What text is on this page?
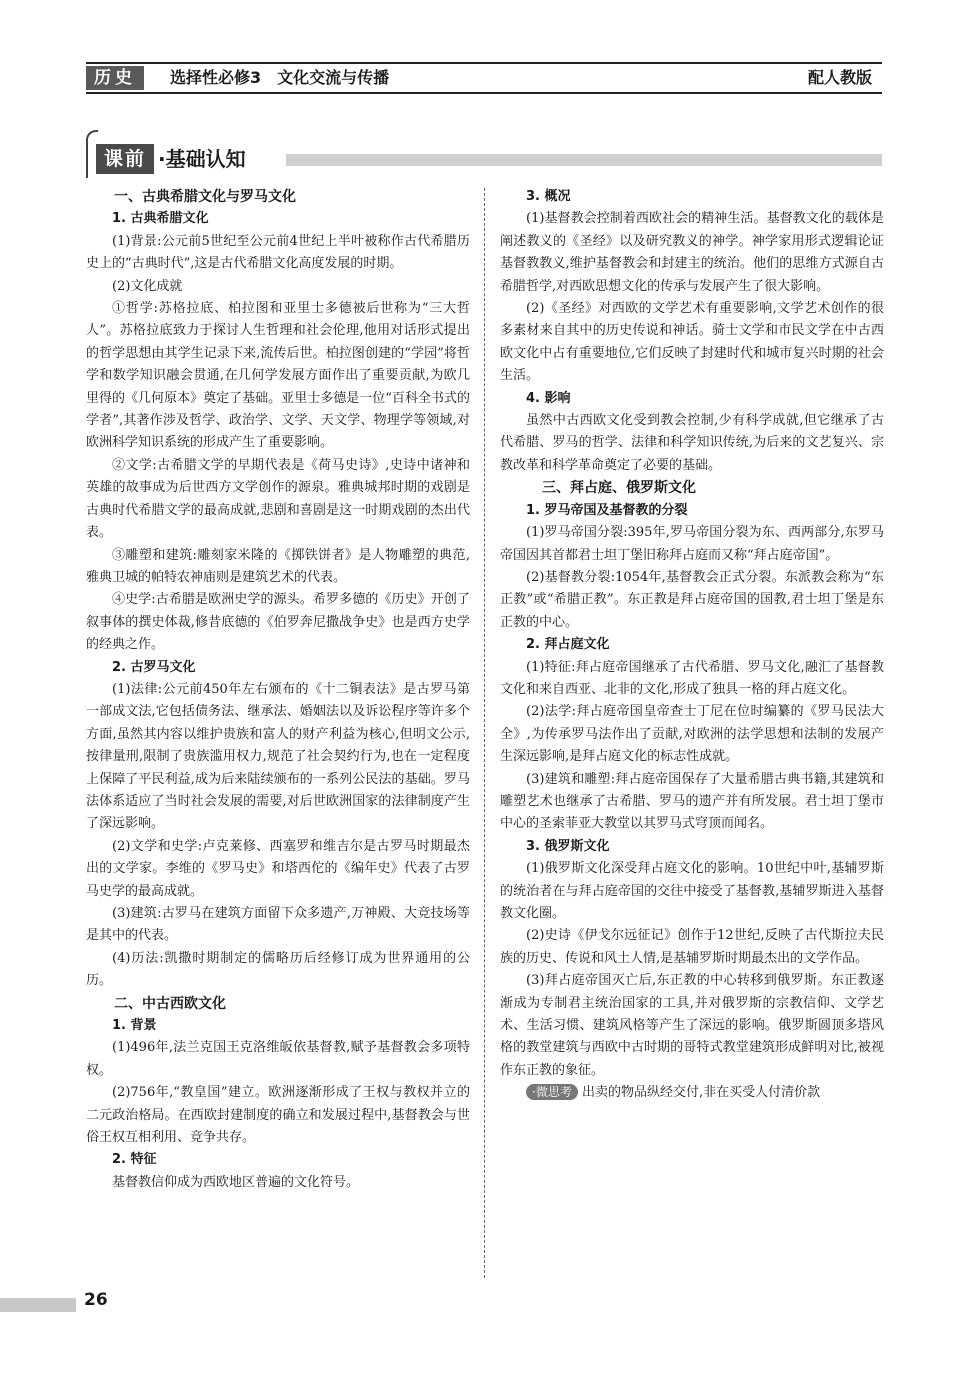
历史	选择性必修3　文化交流与传播	配人教版
课前 ·基础认知

一、古典希腊文化与罗马文化

1. 古典希腊文化

(1)背景:公元前5世纪至公元前4世纪上半叶被称作古代希腊历史上的“古典时代”,这是古代希腊文化高度发展的时期。

(2)文化成就

①哲学:苏格拉底、柏拉图和亚里士多德被后世称为“三大哲人”。苏格拉底致力于探讨人生哲理和社会伦理,他用对话形式提出的哲学思想由其学生记录下来,流传后世。柏拉图创建的“学园”将哲学和数学知识融会贯通,在几何学发展方面作出了重要贡献,为欧几里得的《几何原本》奠定了基础。亚里士多德是一位“百科全书式的学者”,其著作涉及哲学、政治学、文学、天文学、物理学等领域,对欧洲科学知识系统的形成产生了重要影响。

②文学:古希腊文学的早期代表是《荷马史诗》,史诗中诸神和英雄的故事成为后世西方文学创作的源泉。雅典城邦时期的戏剧是古典时代希腊文学的最高成就,悲剧和喜剧是这一时期戏剧的杰出代表。

③雕塑和建筑:雕刻家米隆的《掷铁饼者》是人物雕塑的典范,雅典卫城的帕特农神庙则是建筑艺术的代表。

④史学:古希腊是欧洲史学的源头。希罗多德的《历史》开创了叙事体的撰史体裁,修昔底德的《伯罗奔尼撒战争史》也是西方史学的经典之作。

2. 古罗马文化

(1)法律:公元前450年左右颁布的《十二铜表法》是古罗马第一部成文法,它包括债务法、继承法、婚姻法以及诉讼程序等许多个方面,虽然其内容以维护贵族和富人的财产利益为核心,但明文公示,按律量刑,限制了贵族滥用权力,规范了社会契约行为,也在一定程度上保障了平民利益,成为后来陆续颁布的一系列公民法的基础。罗马法体系适应了当时社会发展的需要,对后世欧洲国家的法律制度产生了深远影响。

(2)文学和史学:卢克莱修、西塞罗和维吉尔是古罗马时期最杰出的文学家。李维的《罗马史》和塔西佗的《编年史》代表了古罗马史学的最高成就。

(3)建筑:古罗马在建筑方面留下众多遗产,万神殿、大竞技场等是其中的代表。

(4)历法:凯撒时期制定的儒略历后经修订成为世界通用的公历。

二、中古西欧文化

1. 背景

(1)496年,法兰克国王克洛维皈依基督教,赋予基督教会多项特权。

(2)756年,“教皇国”建立。欧洲逐渐形成了王权与教权并立的二元政治格局。在西欧封建制度的确立和发展过程中,基督教会与世俗王权互相利用、竞争共存。

2. 特征

基督教信仰成为西欧地区普遍的文化符号。

3. 概况

(1)基督教会控制着西欧社会的精神生活。基督教文化的载体是阐述教义的《圣经》以及研究教义的神学。神学家用形式逻辑论证基督教教义,维护基督教会和封建主的统治。他们的思维方式源自古希腊哲学,对西欧思想文化的传承与发展产生了很大影响。

(2)《圣经》对西欧的文学艺术有重要影响,文学艺术创作的很多素材来自其中的历史传说和神话。骑士文学和市民文学在中古西欧文化中占有重要地位,它们反映了封建时代和城市复兴时期的社会生活。

4. 影响

虽然中古西欧文化受到教会控制,少有科学成就,但它继承了古代希腊、罗马的哲学、法律和科学知识传统,为后来的文艺复兴、宗教改革和科学革命奠定了必要的基础。

三、拜占庭、俄罗斯文化

1. 罗马帝国及基督教的分裂

(1)罗马帝国分裂:395年,罗马帝国分裂为东、西两部分,东罗马帝国因其首都君士坦丁堡旧称拜占庭而又称“拜占庭帝国”。

(2)基督教分裂:1054年,基督教会正式分裂。东派教会称为“东正教”或“希腊正教”。东正教是拜占庭帝国的国教,君士坦丁堡是东正教的中心。

2. 拜占庭文化

(1)特征:拜占庭帝国继承了古代希腊、罗马文化,融汇了基督教文化和来自西亚、北非的文化,形成了独具一格的拜占庭文化。

(2)法学:拜占庭帝国皇帝查士丁尼在位时编纂的《罗马民法大全》,为传承罗马法作出了贡献,对欧洲的法学思想和法制的发展产生深远影响,是拜占庭文化的标志性成就。

(3)建筑和雕塑:拜占庭帝国保存了大量希腊古典书籍,其建筑和雕塑艺术也继承了古希腊、罗马的遗产并有所发展。君士坦丁堡市中心的圣索菲亚大教堂以其罗马式穹顶而闻名。

3. 俄罗斯文化

(1)俄罗斯文化深受拜占庭文化的影响。10世纪中叶,基辅罗斯的统治者在与拜占庭帝国的交往中接受了基督教,基辅罗斯进入基督教文化圈。

(2)史诗《伊戈尔远征记》创作于12世纪,反映了古代斯拉夫民族的历史、传说和风土人情,是基辅罗斯时期最杰出的文学作品。

(3)拜占庭帝国灭亡后,东正教的中心转移到俄罗斯。东正教逐渐成为专制君主统治国家的工具,并对俄罗斯的宗教信仰、文学艺术、生活习惯、建筑风格等产生了深远的影响。俄罗斯圆顶多塔风格的教堂建筑与西欧中古时期的哥特式教堂建筑形成鲜明对比,被视作东正教的象征。

·微思考 出卖的物品纵经交付,非在买受人付清价款

26
